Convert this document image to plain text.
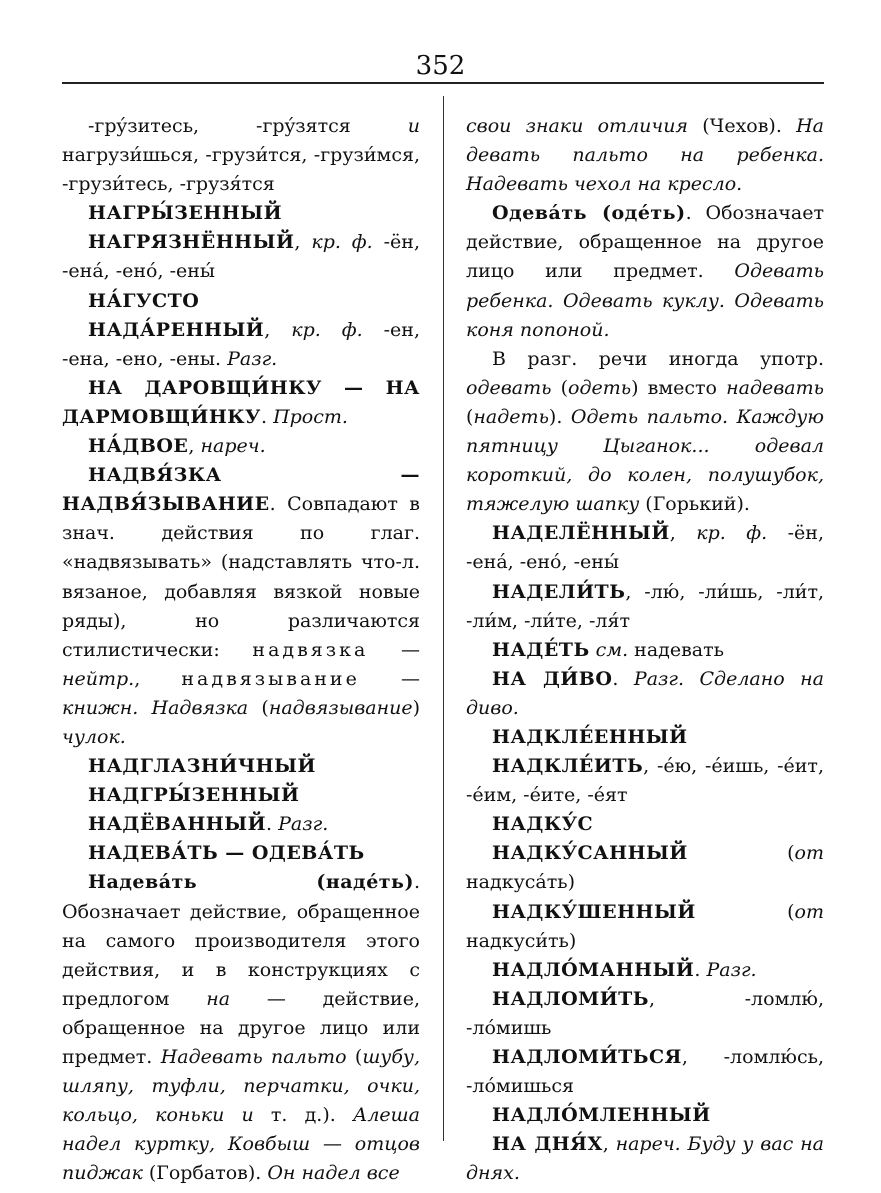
352

-грýзитесь, -грýзятся и нагрузи́шься, -грузи́тся, -грузи́мся, -грузи́тесь, -грузя́тся

НАГРЫ́ЗЕННЫЙ

НАГРЯЗНЁННЫЙ, кр. ф. -ён, -енá, -енó, -ены́

НА́ГУСТО

НАДА́РЕННЫЙ, кр. ф. -ен, -ена, -ено, -ены. Разг.

НА ДАРОВЩИ́НКУ — НА ДАРМОВЩИ́НКУ. Прост.

НА́ДВОЕ, нареч.

НАДВЯ́ЗКА — НАДВЯ́ЗЫВАНИЕ. Совпадают в знач. действия по глаг. «надвязывать» (надставлять что-л. вязаное, добавляя вязкой новые ряды), но различаются стилистически: надвязка — нейтр., надвязывание — книжн. Надвязка (надвязывание) чулок.

НАДГЛАЗНИ́ЧНЫЙ

НАДГРЫ́ЗЕННЫЙ

НАДЁВАННЫЙ. Разг.

НАДЕВА́ТЬ — ОДЕВА́ТЬ

Надевáть (надéть). Обозначает действие, обращенное на самого производителя этого действия, и в конструкциях с предлогом на — действие, обращенное на другое лицо или предмет. Надевать пальто (шубу, шляпу, туфли, перчатки, очки, кольцо, коньки и т. д.). Алеша надел куртку, Ковбыш — отцов пиджак (Горбатов). Он надел все

свои знаки отличия (Чехов). На девать пальто на ребенка. Надевать чехол на кресло.

Одевáть (одéть). Обозначает действие, обращенное на другое лицо или предмет. Одевать ребенка. Одевать куклу. Одевать коня попоной.

В разг. речи иногда употр. одевать (одеть) вместо надевать (надеть). Одеть пальто. Каждую пятницу Цыганок... одевал короткий, до колен, полушубок, тяжелую шапку (Горький).

НАДЕЛЁННЫЙ, кр. ф. -ён, -енá, -енó, -ены́

НАДЕЛИ́ТЬ, -лю́, -ли́шь, -ли́т, -ли́м, -ли́те, -ля́т

НАДЕ́ТЬ см. надевать

НА ДИ́ВО. Разг. Сделано на диво.

НАДКЛЕ́ЕННЫЙ

НАДКЛЕ́ИТЬ, -éю, -éишь, -éит, -éим, -éите, -éят

НАДКУ́С

НАДКУ́САННЫЙ (от надкусáть)

НАДКУ́ШЕННЫЙ (от надкуси́ть)

НАДЛО́МАННЫЙ. Разг.

НАДЛОМИ́ТЬ, -ломлю́, -ло́мишь

НАДЛОМИ́ТЬСЯ, -ломлю́сь, -ло́мишься

НАДЛО́МЛЕННЫЙ

НА ДНЯ́Х, нареч. Буду у вас на днях.
